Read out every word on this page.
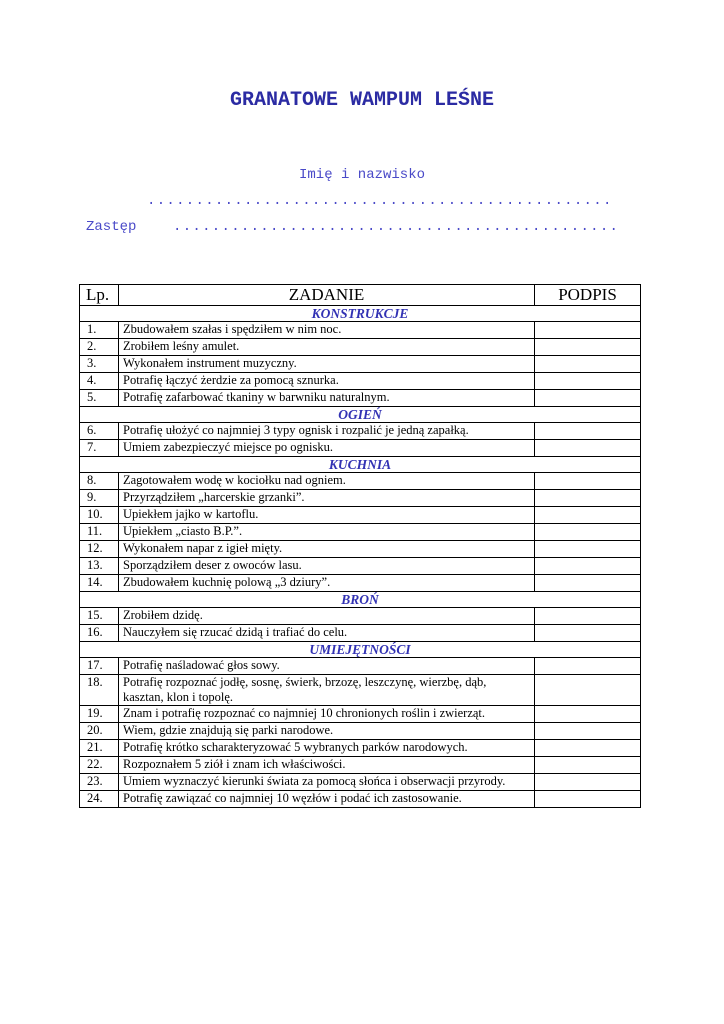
GRANATOWE WAMPUM LEŚNE
Imię i nazwisko
................................................
Zastęp	..............................................
Lp.	ZADANIE	PODPIS
KONSTRUKCJE		
1.	Zbudowałem szałas i spędziłem w nim noc.	
2.	Zrobiłem leśny amulet.	
3.	Wykonałem instrument muzyczny.	
4.	Potrafię łączyć żerdzie za pomocą sznurka.	
5.	Potrafię zafarbować tkaniny w barwniku naturalnym.	
OGIEŃ		
6.	Potrafię ułożyć co najmniej 3 typy ognisk i rozpalić je jedną zapałką.	
7.	Umiem zabezpieczyć miejsce po ognisku.	
KUCHNIA		
8.	Zagotowałem wodę w kociołku nad ogniem.	
9.	Przyrządziłem „harcerskie grzanki”.	
10.	Upiekłem jajko w kartoflu.	
11.	Upiekłem „ciasto B.P.”.	
12.	Wykonałem napar z igieł mięty.	
13.	Sporządziłem deser z owoców lasu.	
14.	Zbudowałem kuchnię polową „3 dziury”.	
BROŃ		
15.	Zrobiłem dzidę.	
16.	Nauczyłem się rzucać dzidą i trafiać do celu.	
UMIEJĘTNOŚCI		
17.	Potrafię naśladować głos sowy.	
18.	Potrafię rozpoznać jodłę, sosnę, świerk, brzozę, leszczynę, wierzbę, dąb, kasztan, klon i topolę.	
19.	Znam i potrafię rozpoznać co najmniej 10 chronionych roślin i zwierząt.	
20.	Wiem, gdzie znajdują się parki narodowe.	
21.	Potrafię krótko scharakteryzować 5 wybranych parków narodowych.	
22.	Rozpoznałem 5 ziół i znam ich właściwości.	
23.	Umiem wyznaczyć kierunki świata za pomocą słońca i obserwacji przyrody.	
24.	Potrafię zawiązać co najmniej 10 węzłów i podać ich zastosowanie.	
